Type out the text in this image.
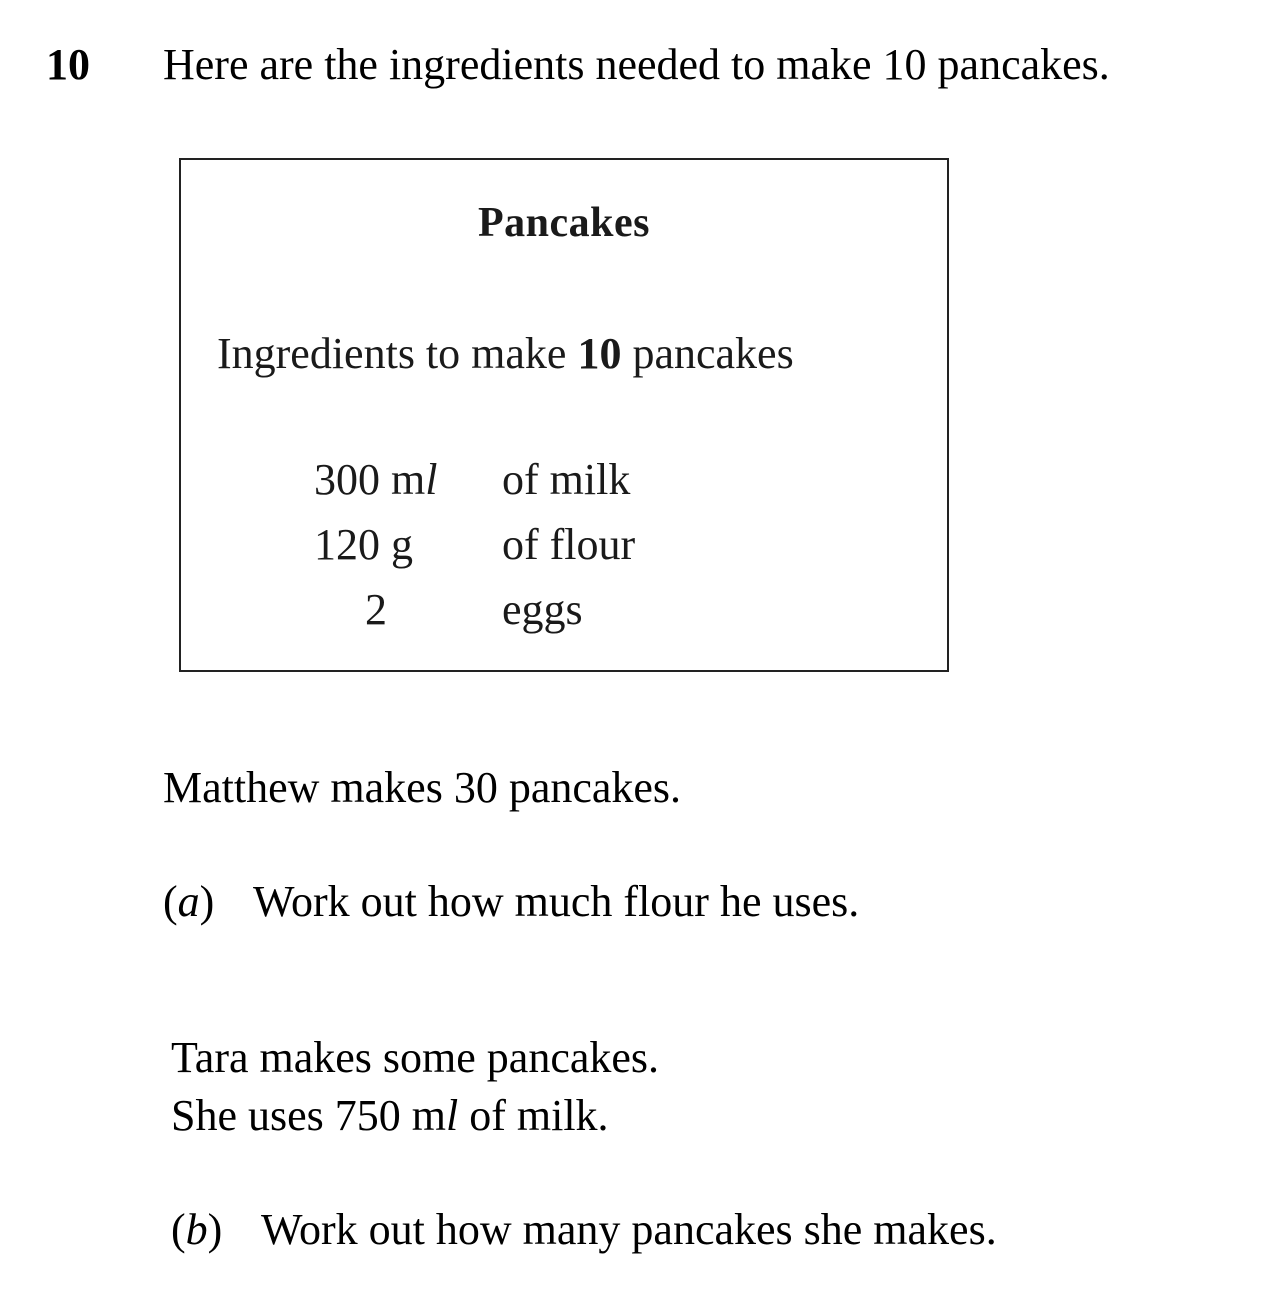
10 Here are the ingredients needed to make 10 pancakes.
Pancakes
Ingredients to make 10 pancakes
300 ml of milk
120 g of flour
2	eggs
Matthew makes 30 pancakes.
(a) Work out how much flour he uses.
Tara makes some pancakes.
She uses 750 ml of milk.
(b) Work out how many pancakes she makes.
